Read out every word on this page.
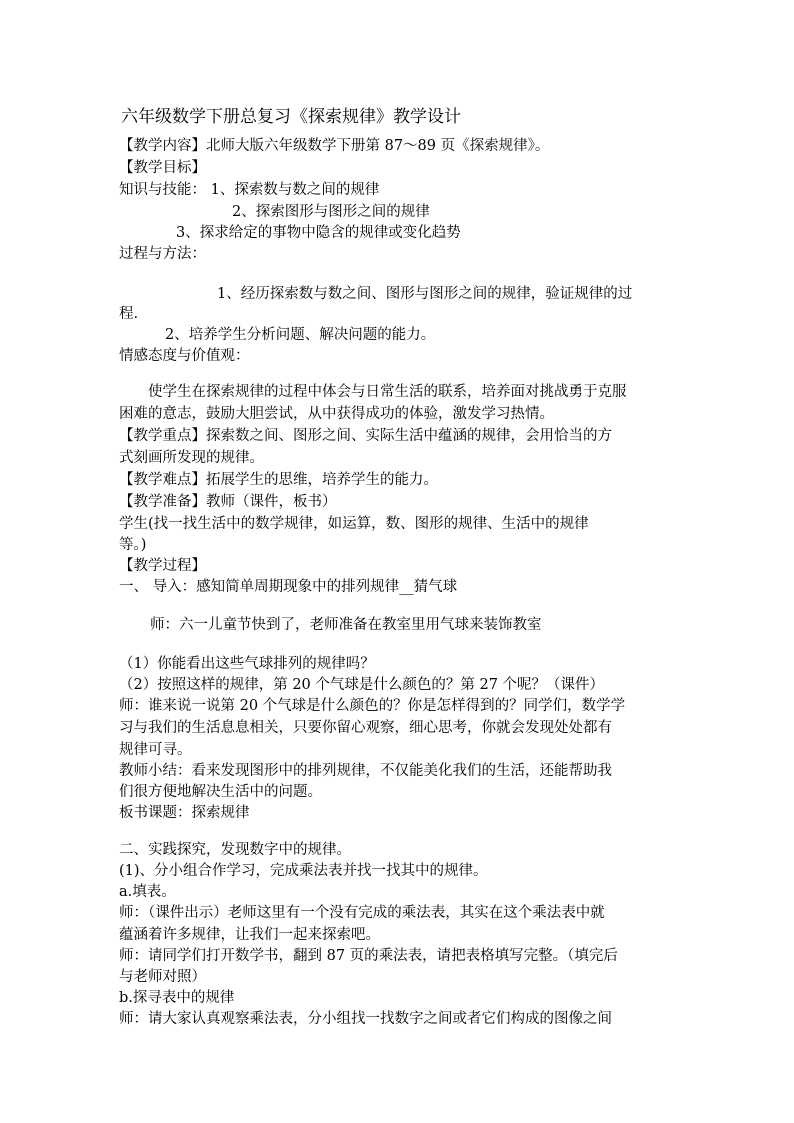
六年级数学下册总复习《探索规律》教学设计
【教学内容】北师大版六年级数学下册第 87～89 页《探索规律》。
【教学目标】
知识与技能： 1、探索数与数之间的规律
2、探索图形与图形之间的规律
3、探求给定的事物中隐含的规律或变化趋势
过程与方法：
1、经历探索数与数之间、图形与图形之间的规律，验证规律的过
程.
2、培养学生分析问题、解决问题的能力。
情感态度与价值观：
使学生在探索规律的过程中体会与日常生活的联系，培养面对挑战勇于克服
困难的意志，鼓励大胆尝试，从中获得成功的体验，激发学习热情。
【教学重点】探索数之间、图形之间、实际生活中蕴涵的规律，会用恰当的方
式刻画所发现的规律。
【教学难点】拓展学生的思维，培养学生的能力。
【教学准备】教师（课件，板书）
学生(找一找生活中的数学规律，如运算，数、图形的规律、生活中的规律
等。)
【教学过程】
一、 导入：感知简单周期现象中的排列规律__猜气球
师：六一儿童节快到了，老师准备在教室里用气球来装饰教室
（1）你能看出这些气球排列的规律吗？
（2）按照这样的规律，第 20 个气球是什么颜色的？第 27 个呢？（课件）
师：谁来说一说第 20 个气球是什么颜色的？你是怎样得到的？同学们，数学学
习与我们的生活息息相关，只要你留心观察，细心思考，你就会发现处处都有
规律可寻。
教师小结：看来发现图形中的排列规律，不仅能美化我们的生活，还能帮助我
们很方便地解决生活中的问题。
板书课题：探索规律
二、实践探究，发现数字中的规律。
(1)、分小组合作学习，完成乘法表并找一找其中的规律。
a.填表。
师：（课件出示）老师这里有一个没有完成的乘法表，其实在这个乘法表中就
蕴涵着许多规律，让我们一起来探索吧。
师：请同学们打开数学书，翻到 87 页的乘法表，请把表格填写完整。（填完后
与老师对照）
b.探寻表中的规律
师：请大家认真观察乘法表，分小组找一找数字之间或者它们构成的图像之间
